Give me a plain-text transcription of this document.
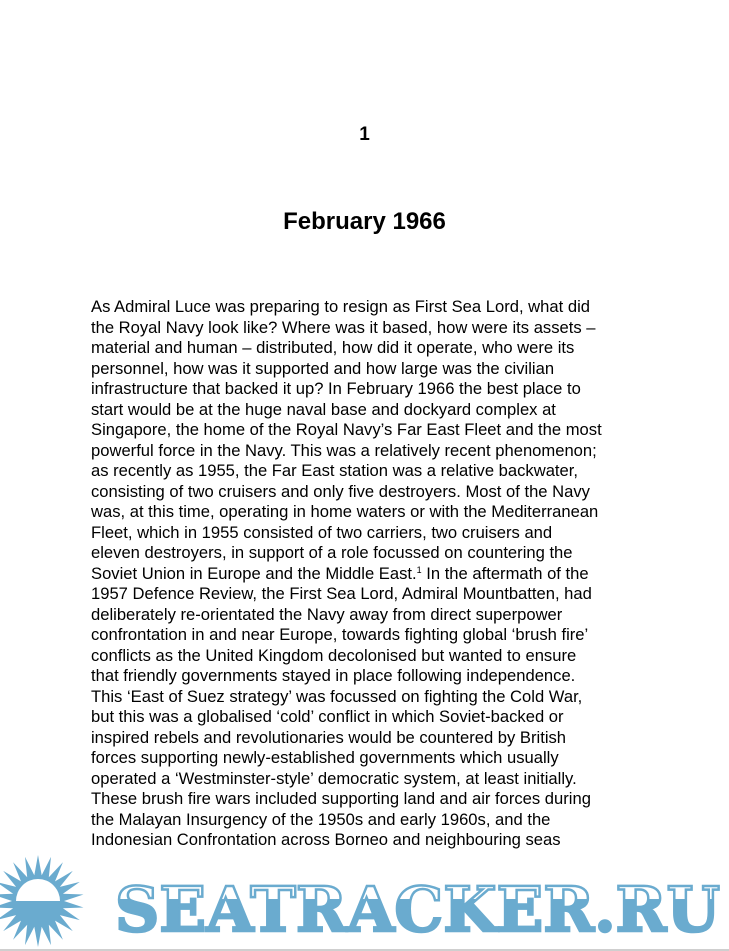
1
February 1966
As Admiral Luce was preparing to resign as First Sea Lord, what did
the Royal Navy look like? Where was it based, how were its assets –
material and human – distributed, how did it operate, who were its
personnel, how was it supported and how large was the civilian
infrastructure that backed it up? In February 1966 the best place to
start would be at the huge naval base and dockyard complex at
Singapore, the home of the Royal Navy’s Far East Fleet and the most
powerful force in the Navy. This was a relatively recent phenomenon;
as recently as 1955, the Far East station was a relative backwater,
consisting of two cruisers and only five destroyers. Most of the Navy
was, at this time, operating in home waters or with the Mediterranean
Fleet, which in 1955 consisted of two carriers, two cruisers and
eleven destroyers, in support of a role focussed on countering the
Soviet Union in Europe and the Middle East.$^1$ In the aftermath of the
1957 Defence Review, the First Sea Lord, Admiral Mountbatten, had
deliberately re-orientated the Navy away from direct superpower
confrontation in and near Europe, towards fighting global ‘brush fire’
conflicts as the United Kingdom decolonised but wanted to ensure
that friendly governments stayed in place following independence.
This ‘East of Suez strategy’ was focussed on fighting the Cold War,
but this was a globalised ‘cold’ conflict in which Soviet-backed or
inspired rebels and revolutionaries would be countered by British
forces supporting newly-established governments which usually
operated a ‘Westminster-style’ democratic system, at least initially.
These brush fire wars included supporting land and air forces during
the Malayan Insurgency of the 1950s and early 1960s, and the
Indonesian Confrontation across Borneo and neighbouring seas
SEATRACKER.RU
